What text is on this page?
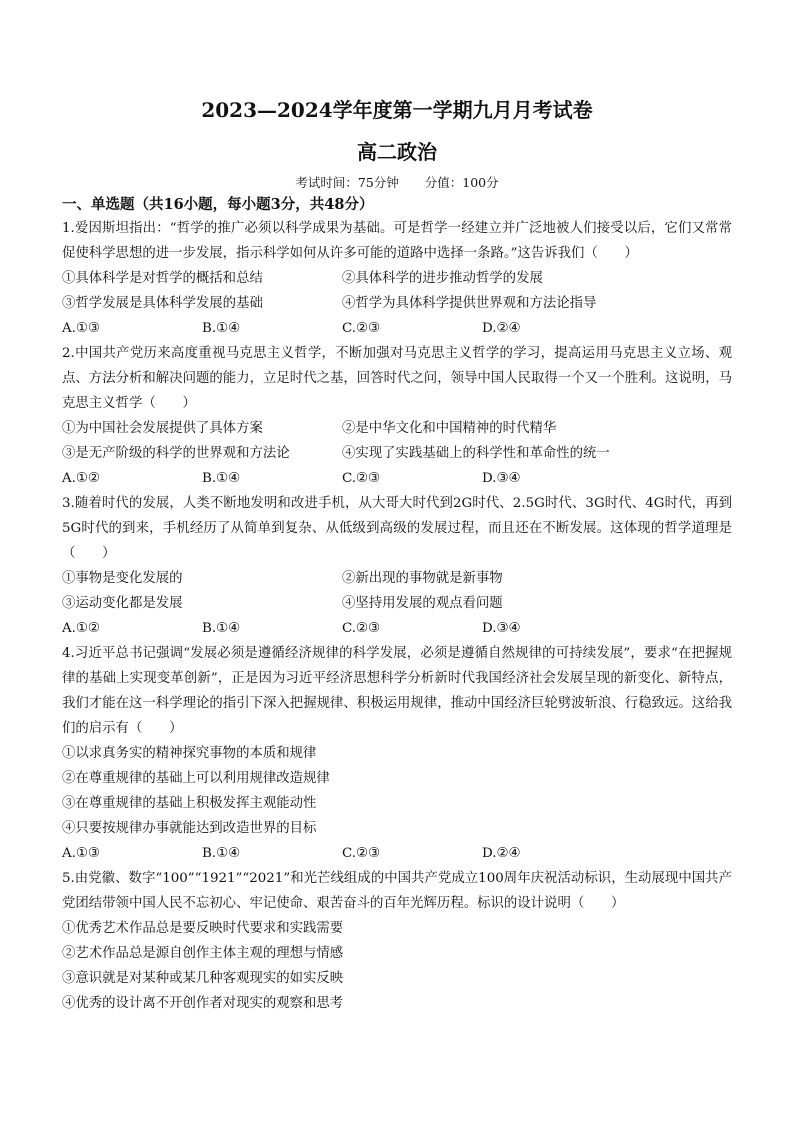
2023—2024学年度第一学期九月月考试卷
高二政治
考试时间：75分钟 分值：100分
一、单选题（共16小题，每小题3分，共48分）
1.爱因斯坦指出：“哲学的推广必须以科学成果为基础。可是哲学一经建立并广泛地被人们接受以后，它们又常常促使科学思想的进一步发展，指示科学如何从许多可能的道路中选择一条路。”这告诉我们（　　）
①具体科学是对哲学的概括和总结	②具体科学的进步推动哲学的发展
③哲学发展是具体科学发展的基础	④哲学为具体科学提供世界观和方法论指导
A.①③	B.①④	C.②③	D.②④
2.中国共产党历来高度重视马克思主义哲学，不断加强对马克思主义哲学的学习，提高运用马克思主义立场、观点、方法分析和解决问题的能力，立足时代之基，回答时代之问，领导中国人民取得一个又一个胜利。这说明，马克思主义哲学（　　）
①为中国社会发展提供了具体方案	②是中华文化和中国精神的时代精华
③是无产阶级的科学的世界观和方法论	④实现了实践基础上的科学性和革命性的统一
A.①②	B.①④	C.②③	D.③④
3.随着时代的发展，人类不断地发明和改进手机，从大哥大时代到2G时代、2.5G时代、3G时代、4G时代，再到5G时代的到来，手机经历了从简单到复杂、从低级到高级的发展过程，而且还在不断发展。这体现的哲学道理是（　　）
①事物是变化发展的	②新出现的事物就是新事物
③运动变化都是发展	④坚持用发展的观点看问题
A.①②	B.①④	C.②③	D.③④
4.习近平总书记强调“发展必须是遵循经济规律的科学发展，必须是遵循自然规律的可持续发展”，要求“在把握规律的基础上实现变革创新”，正是因为习近平经济思想科学分析新时代我国经济社会发展呈现的新变化、新特点，我们才能在这一科学理论的指引下深入把握规律、积极运用规律，推动中国经济巨轮劈波斩浪、行稳致远。这给我们的启示有（　　）
①以求真务实的精神探究事物的本质和规律
②在尊重规律的基础上可以利用规律改造规律
③在尊重规律的基础上积极发挥主观能动性
④只要按规律办事就能达到改造世界的目标
A.①③	B.①④	C.②③	D.②④
5.由党徽、数字“100”“1921”“2021”和光芒线组成的中国共产党成立100周年庆祝活动标识，生动展现中国共产党团结带领中国人民不忘初心、牢记使命、艰苦奋斗的百年光辉历程。标识的设计说明（　　）
①优秀艺术作品总是要反映时代要求和实践需要
②艺术作品总是源自创作主体主观的理想与情感
③意识就是对某种或某几种客观现实的如实反映
④优秀的设计离不开创作者对现实的观察和思考
